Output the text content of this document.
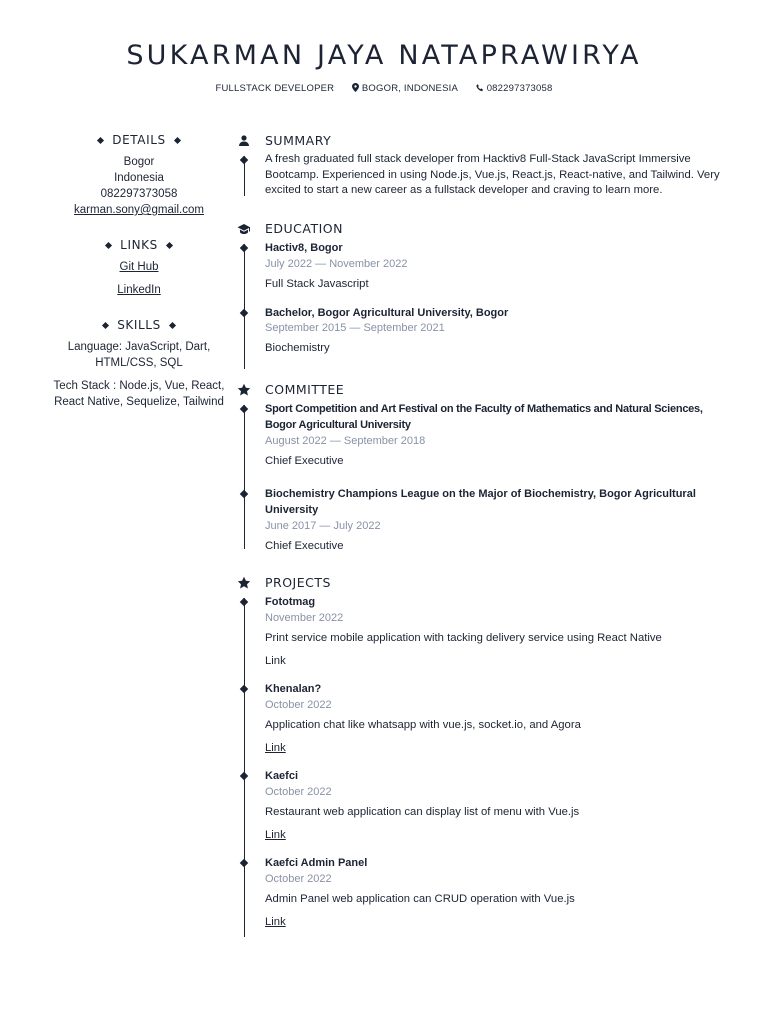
SUKARMAN JAYA NATAPRAWIRYA
FULLSTACK DEVELOPER	BOGOR, INDONESIA	082297373058
DETAILS
Bogor
Indonesia
082297373058
karman.sony@gmail.com
LINKS
Git Hub
LinkedIn
SKILLS
Language: JavaScript, Dart, HTML/CSS, SQL
Tech Stack : Node.js, Vue, React, React Native, Sequelize, Tailwind
SUMMARY
A fresh graduated full stack developer from Hacktiv8 Full-Stack JavaScript Immersive Bootcamp. Experienced in using Node.js, Vue.js, React.js, React-native, and Tailwind. Very excited to start a new career as a fullstack developer and craving to learn more.
EDUCATION
Hactiv8, Bogor
July 2022 — November 2022
Full Stack Javascript
Bachelor, Bogor Agricultural University, Bogor
September 2015 — September 2021
Biochemistry
COMMITTEE
Sport Competition and Art Festival on the Faculty of Mathematics and Natural Sciences, Bogor Agricultural University
August 2022 — September 2018
Chief Executive
Biochemistry Champions League on the Major of Biochemistry, Bogor Agricultural University
June 2017 — July 2022
Chief Executive
PROJECTS
Fototmag
November 2022
Print service mobile application with tacking delivery service using React Native
Link
Khenalan?
October 2022
Application chat like whatsapp with vue.js, socket.io, and Agora
Link
Kaefci
October 2022
Restaurant web application can display list of menu with Vue.js
Link
Kaefci Admin Panel
October 2022
Admin Panel web application can CRUD operation with Vue.js
Link
